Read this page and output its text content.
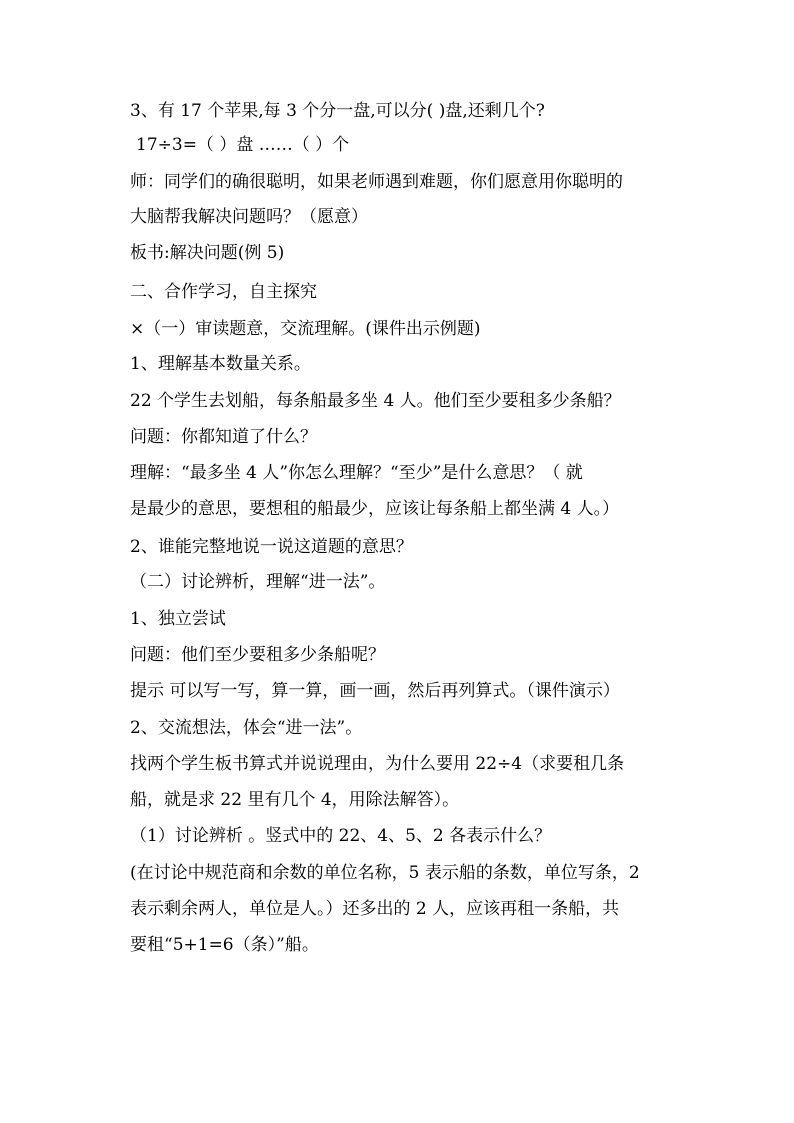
3、有 17 个苹果,每 3 个分一盘,可以分( )盘,还剩几个?
17÷3=（ ）盘 ……（ ）个
师：同学们的确很聪明，如果老师遇到难题，你们愿意用你聪明的
大脑帮我解决问题吗？（愿意）
板书:解决问题(例 5)
二、合作学习，自主探究
×（一）审读题意，交流理解。(课件出示例题)
1、理解基本数量关系。
22 个学生去划船，每条船最多坐 4 人。他们至少要租多少条船？
问题：你都知道了什么？
理解：“最多坐 4 人”你怎么理解？“至少”是什么意思？（ 就
是最少的意思，要想租的船最少，应该让每条船上都坐满 4 人。）
2、谁能完整地说一说这道题的意思？
（二）讨论辨析，理解“进一法”。
1、独立尝试
问题：他们至少要租多少条船呢？
提示 可以写一写，算一算，画一画，然后再列算式。（课件演示）
2、交流想法，体会“进一法”。
找两个学生板书算式并说说理由，为什么要用 22÷4（求要租几条
船，就是求 22 里有几个 4，用除法解答）。
（1）讨论辨析 。竖式中的 22、4、5、2 各表示什么？
(在讨论中规范商和余数的单位名称，5 表示船的条数，单位写条，2
表示剩余两人，单位是人。）还多出的 2 人，应该再租一条船，共
要租“5+1=6（条）”船。
